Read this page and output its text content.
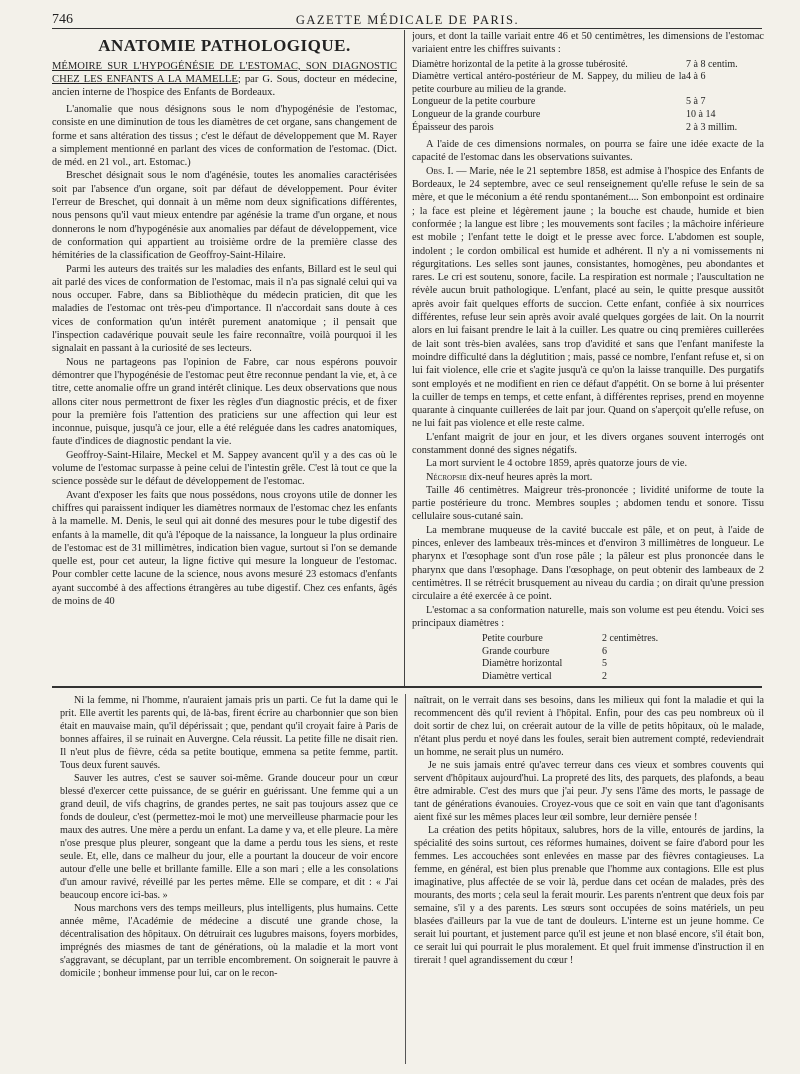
746	GAZETTE MÉDICALE DE PARIS.
ANATOMIE PATHOLOGIQUE.

MÉMOIRE SUR L'HYPOGÉNÉSIE DE L'ESTOMAC, SON DIAGNOSTIC CHEZ LES ENFANTS A LA MAMELLE; par G. Sous, docteur en médecine, ancien interne de l'hospice des Enfants de Bordeaux.

L'anomalie que nous désignons sous le nom d'hypogénésie de l'estomac, consiste en une diminution de tous les diamètres de cet organe, sans changement de forme et sans altération des tissus ; c'est le défaut de développement que M. Rayer a simplement mentionné en parlant des vices de conformation de l'estomac. (Dict. de méd. en 21 vol., art. Estomac.)

Breschet désignait sous le nom d'agénésie, toutes les anomalies caractérisées soit par l'absence d'un organe, soit par défaut de développement. Pour éviter l'erreur de Breschet, qui donnait à un même nom deux significations différentes, nous pensons qu'il vaut mieux entendre par agénésie la trame d'un organe, et nous donnerons le nom d'hypogénésie aux anomalies par défaut de développement, vice de conformation qui appartient au troisième ordre de la première classe des hémitéries de la classification de Geoffroy-Saint-Hilaire.

Parmi les auteurs des traités sur les maladies des enfants, Billard est le seul qui ait parlé des vices de conformation de l'estomac, mais il n'a pas signalé celui qui va nous occuper. Fabre, dans sa Bibliothèque du médecin praticien, dit que les maladies de l'estomac ont très-peu d'importance. Il n'accordait sans doute à ces vices de conformation qu'un intérêt purement anatomique ; il pensait que l'inspection cadavérique pouvait seule les faire reconnaître, voilà pourquoi il les signalait en passant à la curiosité de ses lecteurs.

Nous ne partageons pas l'opinion de Fabre, car nous espérons pouvoir démontrer que l'hypogénésie de l'estomac peut être reconnue pendant la vie, et, à ce titre, cette anomalie offre un grand intérêt clinique. Les deux observations que nous allons citer nous permettront de fixer les règles d'un diagnostic précis, et de fixer pour la première fois l'attention des praticiens sur une affection qui leur est inconnue, puisque, jusqu'à ce jour, elle a été reléguée dans les cadres anatomiques, faute d'indices de diagnostic pendant la vie.

Geoffroy-Saint-Hilaire, Meckel et M. Sappey avancent qu'il y a des cas où le volume de l'estomac surpasse à peine celui de l'intestin grêle. C'est là tout ce que la science possède sur le défaut de développement de l'estomac.

Avant d'exposer les faits que nous possédons, nous croyons utile de donner les chiffres qui paraissent indiquer les diamètres normaux de l'estomac chez les enfants à la mamelle. M. Denis, le seul qui ait donné des mesures pour le tube digestif des enfants à la mamelle, dit qu'à l'époque de la naissance, la longueur la plus ordinaire de l'estomac est de 31 millimètres, indication bien vague, surtout si l'on se demande quelle est, pour cet auteur, la ligne fictive qui mesure la longueur de l'estomac. Pour combler cette lacune de la science, nous avons mesuré 23 estomacs d'enfants ayant succombé à des affections étrangères au tube digestif. Chez ces enfants, âgés de moins de 40

jours, et dont la taille variait entre 46 et 50 centimètres, les dimensions de l'estomac variaient entre les chiffres suivants :

Diamètre horizontal de la petite à la grosse tubérosité.	7 à 8 centim.
Diamètre vertical antéro-postérieur de M. Sappey, du milieu de la petite courbure au milieu de la grande.
4 à 6
Longueur de la petite courbure	5 à 7
Longueur de la grande courbure	10 à 14
Épaisseur des parois	2 à 3 millim.

A l'aide de ces dimensions normales, on pourra se faire une idée exacte de la capacité de l'estomac dans les observations suivantes.

Obs. I. — Marie, née le 21 septembre 1858, est admise à l'hospice des Enfants de Bordeaux, le 24 septembre, avec ce seul renseignement qu'elle refuse le sein de sa mère, et que le méconium a été rendu spontanément.... Son embonpoint est ordinaire ; la face est pleine et légèrement jaune ; la bouche est chaude, humide et bien conformée ; la langue est libre ; les mouvements sont faciles ; la mâchoire inférieure est mobile ; l'enfant tette le doigt et le presse avec force. L'abdomen est souple, indolent ; le cordon ombilical est humide et adhérent. Il n'y a ni vomissements ni régurgitations. Les selles sont jaunes, consistantes, homogènes, peu abondantes et rares. Le cri est soutenu, sonore, facile. La respiration est normale ; l'auscultation ne révèle aucun bruit pathologique. L'enfant, placé au sein, le quitte presque aussitôt après avoir fait quelques efforts de succion. Cette enfant, confiée à six nourrices différentes, refuse leur sein après avoir avalé quelques gorgées de lait. On la nourrit alors en lui faisant prendre le lait à la cuiller. Les quatre ou cinq premières cuillerées de lait sont très-bien avalées, sans trop d'avidité et sans que l'enfant manifeste la moindre difficulté dans la déglutition ; mais, passé ce nombre, l'enfant refuse et, si on lui fait violence, elle crie et s'agite jusqu'à ce qu'on la laisse tranquille. Des purgatifs sont employés et ne modifient en rien ce défaut d'appétit. On se borne à lui présenter la cuiller de temps en temps, et cette enfant, à différentes reprises, prend en moyenne quarante à cinquante cuillerées de lait par jour. Quand on s'aperçoit qu'elle refuse, on ne lui fait pas violence et elle reste calme.

L'enfant maigrit de jour en jour, et les divers organes souvent interrogés ont constamment donné des signes négatifs.

La mort survient le 4 octobre 1859, après quatorze jours de vie.

Nécropsie dix-neuf heures après la mort.

Taille 46 centimètres. Maigreur très-prononcée ; lividité uniforme de toute la partie postérieure du tronc. Membres souples ; abdomen tendu et sonore. Tissu cellulaire sous-cutané sain.

La membrane muqueuse de la cavité buccale est pâle, et on peut, à l'aide de pinces, enlever des lambeaux très-minces et d'environ 3 millimètres de longueur. Le pharynx et l'œsophage sont d'un rose pâle ; la pâleur est plus prononcée dans le pharynx que dans l'œsophage. Dans l'œsophage, on peut obtenir des lambeaux de 2 centimètres. Il se rétrécit brusquement au niveau du cardia ; on dirait qu'une pression circulaire a été exercée à ce point.

L'estomac a sa conformation naturelle, mais son volume est peu étendu. Voici ses principaux diamètres :

Petite courbure	2 centimètres.
Grande courbure	6
Diamètre horizontal	5
Diamètre vertical	2

Ni la femme, ni l'homme, n'auraient jamais pris un parti. Ce fut la dame qui le prit. Elle avertit les parents qui, de là-bas, firent écrire au charbonnier que son bien était en mauvaise main, qu'il dépérissait ; que, pendant qu'il croyait faire à Paris de bonnes affaires, il se ruinait en Auvergne. Cela réussit. La petite fille ne disait rien. Il n'eut plus de fièvre, céda sa petite boutique, emmena sa petite femme, partit. Tous deux furent sauvés.

Sauver les autres, c'est se sauver soi-même. Grande douceur pour un cœur blessé d'exercer cette puissance, de se guérir en guérissant. Une femme qui a un grand deuil, de vifs chagrins, de grandes pertes, ne sait pas toujours assez que ce fonds de douleur, c'est (permettez-moi le mot) une merveilleuse pharmacie pour les maux des autres. Une mère a perdu un enfant. La dame y va, et elle pleure. La mère n'ose presque plus pleurer, songeant que la dame a perdu tous les siens, et reste seule. Et, elle, dans ce malheur du jour, elle a pourtant la douceur de voir encore autour d'elle une belle et brillante famille. Elle a son mari ; elle a les consolations d'un amour ravivé, réveillé par les pertes même. Elle se compare, et dit : « J'ai beaucoup encore ici-bas. »

Nous marchons vers des temps meilleurs, plus intelligents, plus humains. Cette année même, l'Académie de médecine a discuté une grande chose, la décentralisation des hôpitaux. On détruirait ces lugubres maisons, foyers morbides, imprégnés des miasmes de tant de générations, où la maladie et la mort vont s'aggravant, se décuplant, par un terrible encombrement. On soignerait le pauvre à domicile ; bonheur immense pour lui, car on le recon-

naîtrait, on le verrait dans ses besoins, dans les milieux qui font la maladie et qui la recommencent dès qu'il revient à l'hôpital. Enfin, pour des cas peu nombreux où il doit sortir de chez lui, on créerait autour de la ville de petits hôpitaux, où le malade, n'étant plus perdu et noyé dans les foules, serait bien autrement compté, redeviendrait un homme, ne serait plus un numéro.

Je ne suis jamais entré qu'avec terreur dans ces vieux et sombres couvents qui servent d'hôpitaux aujourd'hui. La propreté des lits, des parquets, des plafonds, a beau être admirable. C'est des murs que j'ai peur. J'y sens l'âme des morts, le passage de tant de générations évanouies. Croyez-vous que ce soit en vain que tant d'agonisants aient fixé sur les mêmes places leur œil sombre, leur dernière pensée !

La création des petits hôpitaux, salubres, hors de la ville, entourés de jardins, la spécialité des soins surtout, ces réformes humaines, doivent se faire d'abord pour les femmes. Les accouchées sont enlevées en masse par des fièvres contagieuses. La femme, en général, est bien plus prenable que l'homme aux contagions. Elle est plus imaginative, plus affectée de se voir là, perdue dans cet océan de malades, près des mourants, des morts ; cela seul la ferait mourir. Les parents n'entrent que deux fois par semaine, s'il y a des parents. Les sœurs sont occupées de soins matériels, un peu blasées d'ailleurs par la vue de tant de douleurs. L'interne est un jeune homme. Ce serait lui pourtant, et justement parce qu'il est jeune et non blasé encore, s'il était bon, ce serait lui qui pourrait le plus moralement. Et quel fruit immense d'instruction il en tirerait ! quel agrandissement du cœur !
